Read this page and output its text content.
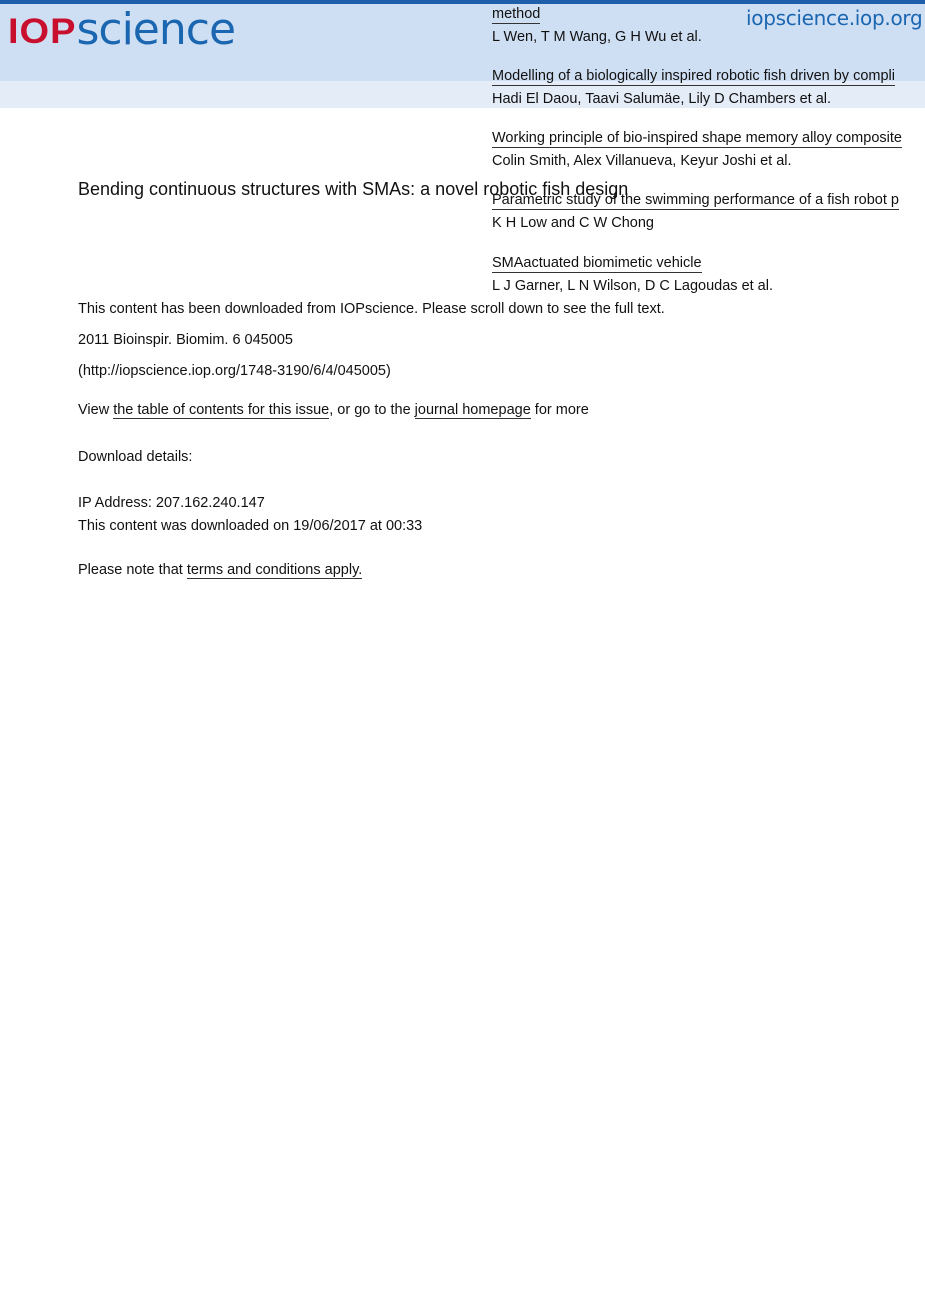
IOPscience	iopscience.iop.org
method
L Wen, T M Wang, G H Wu et al.
Modelling of a biologically inspired robotic fish driven by compli
Hadi El Daou, Taavi Salumäe, Lily D Chambers et al.
Working principle of bio-inspired shape memory alloy composite
Colin Smith, Alex Villanueva, Keyur Joshi et al.
Parametric study of the swimming performance of a fish robot p
K H Low and C W Chong
SMAactuated biomimetic vehicle
L J Garner, L N Wilson, D C Lagoudas et al.
Bending continuous structures with SMAs: a novel robotic fish design
This content has been downloaded from IOPscience. Please scroll down to see the full text.
2011 Bioinspir. Biomim. 6 045005
(http://iopscience.iop.org/1748-3190/6/4/045005)
View the table of contents for this issue, or go to the journal homepage for more
Download details:
IP Address: 207.162.240.147
This content was downloaded on 19/06/2017 at 00:33
Please note that terms and conditions apply.
